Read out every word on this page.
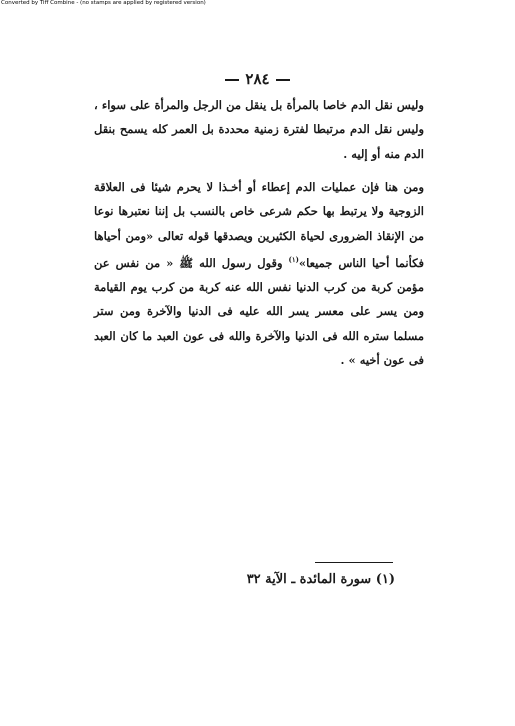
Converted by Tiff Combine - (no stamps are applied by registered version)
٢٨٤
وليس نقل الدم خاصا بالمرأة بل ينقل من الرجل والمرأة على سواء ، وليس نقل الدم مرتبطا لفترة زمنية محددة بل العمر كله يسمح بنقل الدم منه أو إليه .
ومن هنا فإن عمليات الدم إعطاء أو أخـذا لا يحرم شيئا فى العلاقة الزوجية ولا يرتبط بها حكم شرعى خاص بالنسب بل إننا نعتبرها نوعا من الإنقاذ الضرورى لحياة الكثيرين ويصدقها قوله تعالى «ومن أحياها فكأنما أحيا الناس جميعا»$^{(١)}$ وقول رسول الله ﷺ « من نفس عن مؤمن كربة من كرب الدنيا نفس الله عنه كربة من كرب يوم القيامة ومن يسر على معسر يسر الله عليه فى الدنيا والآخرة ومن ستر مسلما ستره الله فى الدنيا والآخرة والله فى عون العبد ما كان العبد فى عون أخيه » .
(١) سورة المائدة ـ الآية ٣٢
